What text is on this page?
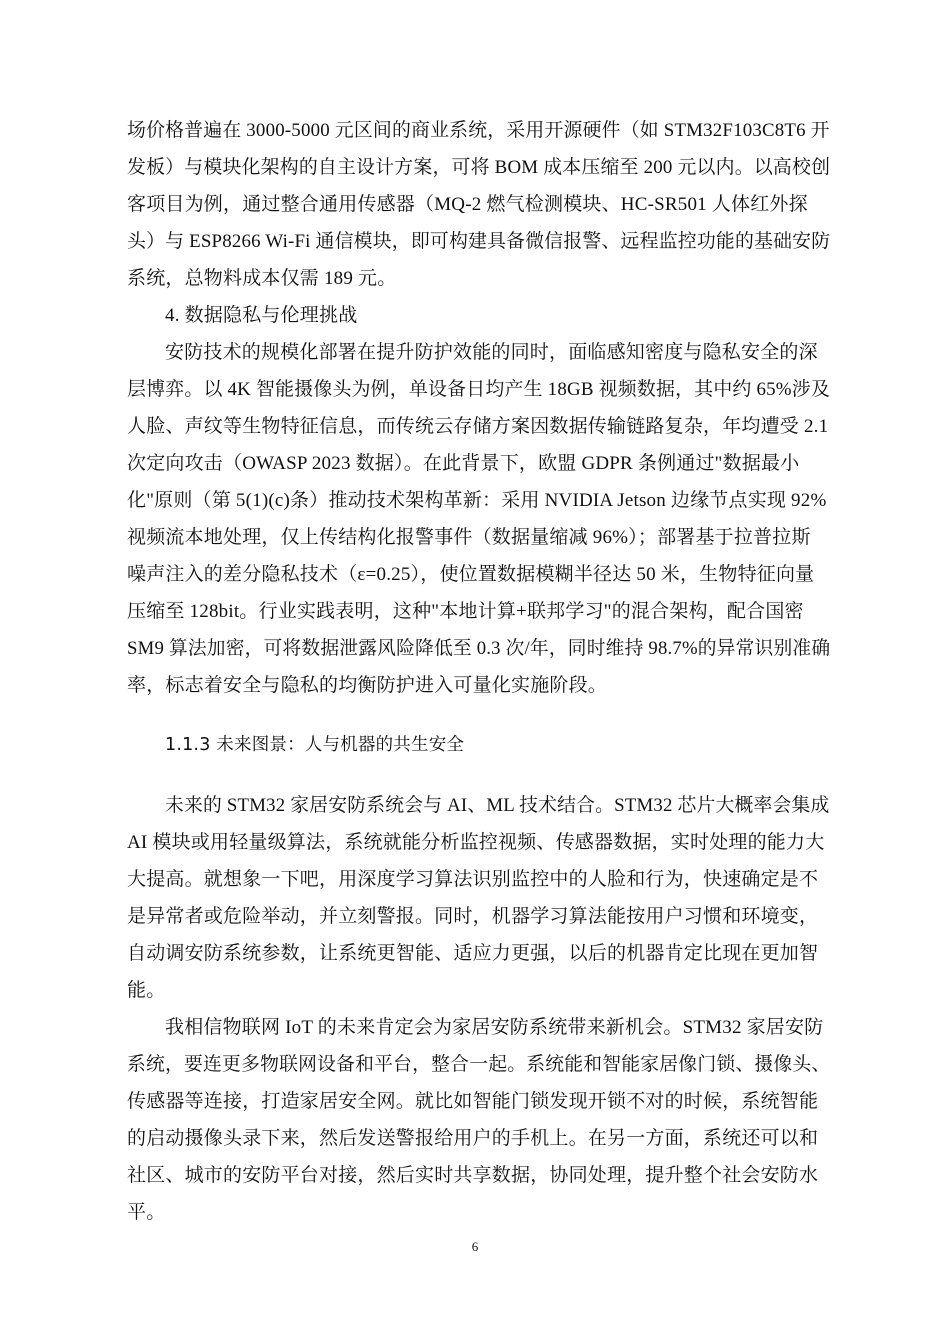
场价格普遍在 3000-5000 元区间的商业系统，采用开源硬件（如 STM32F103C8T6 开
发板）与模块化架构的自主设计方案，可将 BOM 成本压缩至 200 元以内。以高校创
客项目为例，通过整合通用传感器（MQ-2 燃气检测模块、HC-SR501 人体红外探
头）与 ESP8266 Wi-Fi 通信模块，即可构建具备微信报警、远程监控功能的基础安防
系统，总物料成本仅需 189 元。
4. 数据隐私与伦理挑战
安防技术的规模化部署在提升防护效能的同时，面临感知密度与隐私安全的深
层博弈。以 4K 智能摄像头为例，单设备日均产生 18GB 视频数据，其中约 65%涉及
人脸、声纹等生物特征信息，而传统云存储方案因数据传输链路复杂，年均遭受 2.1
次定向攻击（OWASP 2023 数据）。在此背景下，欧盟 GDPR 条例通过"数据最小
化"原则（第 5(1)(c)条）推动技术架构革新：采用 NVIDIA Jetson 边缘节点实现 92%
视频流本地处理，仅上传结构化报警事件（数据量缩减 96%）；部署基于拉普拉斯
噪声注入的差分隐私技术（ε=0.25），使位置数据模糊半径达 50 米，生物特征向量
压缩至 128bit。行业实践表明，这种"本地计算+联邦学习"的混合架构，配合国密
SM9 算法加密，可将数据泄露风险降低至 0.3 次/年，同时维持 98.7%的异常识别准确
率，标志着安全与隐私的均衡防护进入可量化实施阶段。
1.1.3 未来图景：人与机器的共生安全
未来的 STM32 家居安防系统会与 AI、ML 技术结合。STM32 芯片大概率会集成
AI 模块或用轻量级算法，系统就能分析监控视频、传感器数据，实时处理的能力大
大提高。就想象一下吧，用深度学习算法识别监控中的人脸和行为，快速确定是不
是异常者或危险举动，并立刻警报。同时，机器学习算法能按用户习惯和环境变，
自动调安防系统参数，让系统更智能、适应力更强，以后的机器肯定比现在更加智
能。
我相信物联网 IoT 的未来肯定会为家居安防系统带来新机会。STM32 家居安防
系统，要连更多物联网设备和平台，整合一起。系统能和智能家居像门锁、摄像头、
传感器等连接，打造家居安全网。就比如智能门锁发现开锁不对的时候，系统智能
的启动摄像头录下来，然后发送警报给用户的手机上。在另一方面，系统还可以和
社区、城市的安防平台对接，然后实时共享数据，协同处理，提升整个社会安防水
平。
6
